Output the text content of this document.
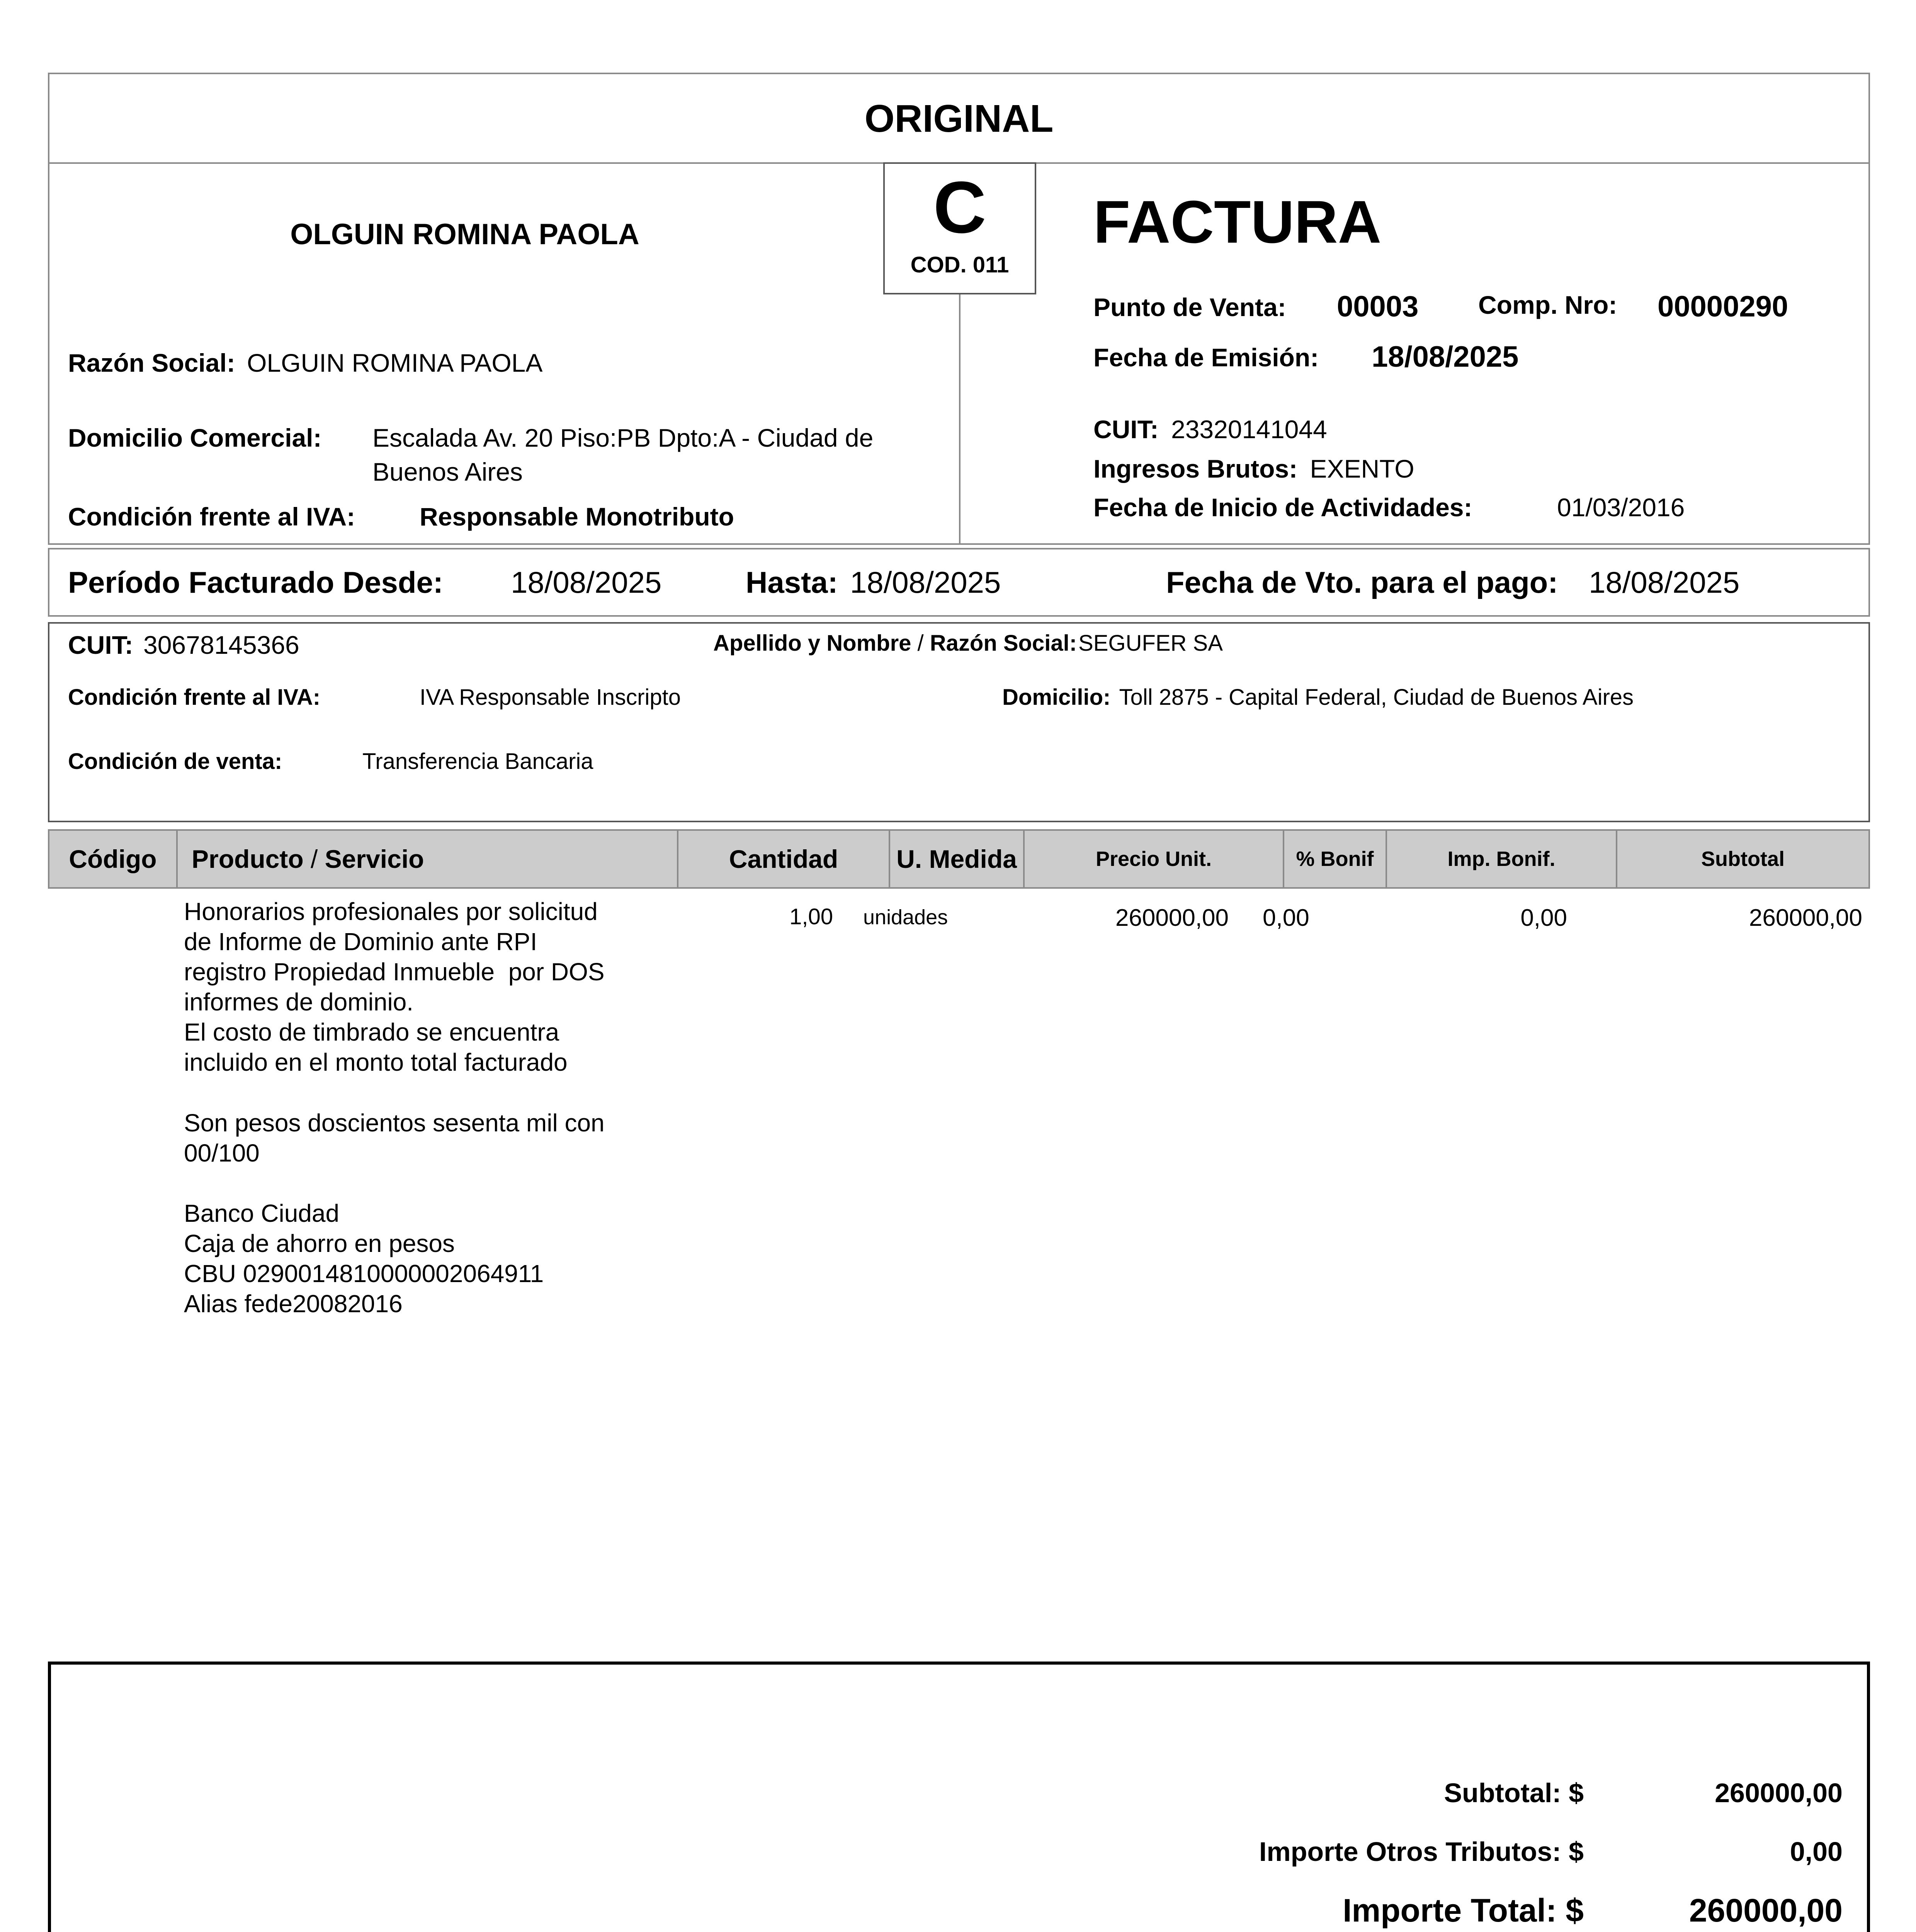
ORIGINAL
C
COD. 011
OLGUIN ROMINA PAOLA
Razón Social: OLGUIN ROMINA PAOLA
Domicilio Comercial: Escalada Av. 20 Piso:PB Dpto:A - Ciudad de
Buenos Aires
Condición frente al IVA:	Responsable Monotributo
FACTURA
Punto de Venta: 00003 Comp. Nro: 00000290
Fecha de Emisión: 18/08/2025
CUIT: 23320141044
Ingresos Brutos: EXENTO
Fecha de Inicio de Actividades:	01/03/2016
Período Facturado Desde: 18/08/2025	Hasta: 18/08/2025	Fecha de Vto. para el pago: 18/08/2025
CUIT: 30678145366	Apellido y Nombre / Razón Social:SEGUFER SA
Condición frente al IVA:	IVA Responsable Inscripto	Domicilio: Toll 2875 - Capital Federal, Ciudad de Buenos Aires
Condición de venta:	Transferencia Bancaria
Código Producto / Servicio	Cantidad U. Medida	Precio Unit.	% Bonif	Imp. Bonif.	Subtotal
Honorarios profesionales por solicitud
de Informe de Dominio ante RPI
registro Propiedad Inmueble  por DOS
informes de dominio.
El costo de timbrado se encuentra
incluido en el monto total facturado

Son pesos doscientos sesenta mil con
00/100

Banco Ciudad
Caja de ahorro en pesos
CBU 0290014810000002064911
Alias fede20082016
1,00 unidades	260000,00 0,00	0,00	260000,00
Subtotal: $	260000,00
Importe Otros Tributos: $	0,00
Importe Total: $	260000,00
